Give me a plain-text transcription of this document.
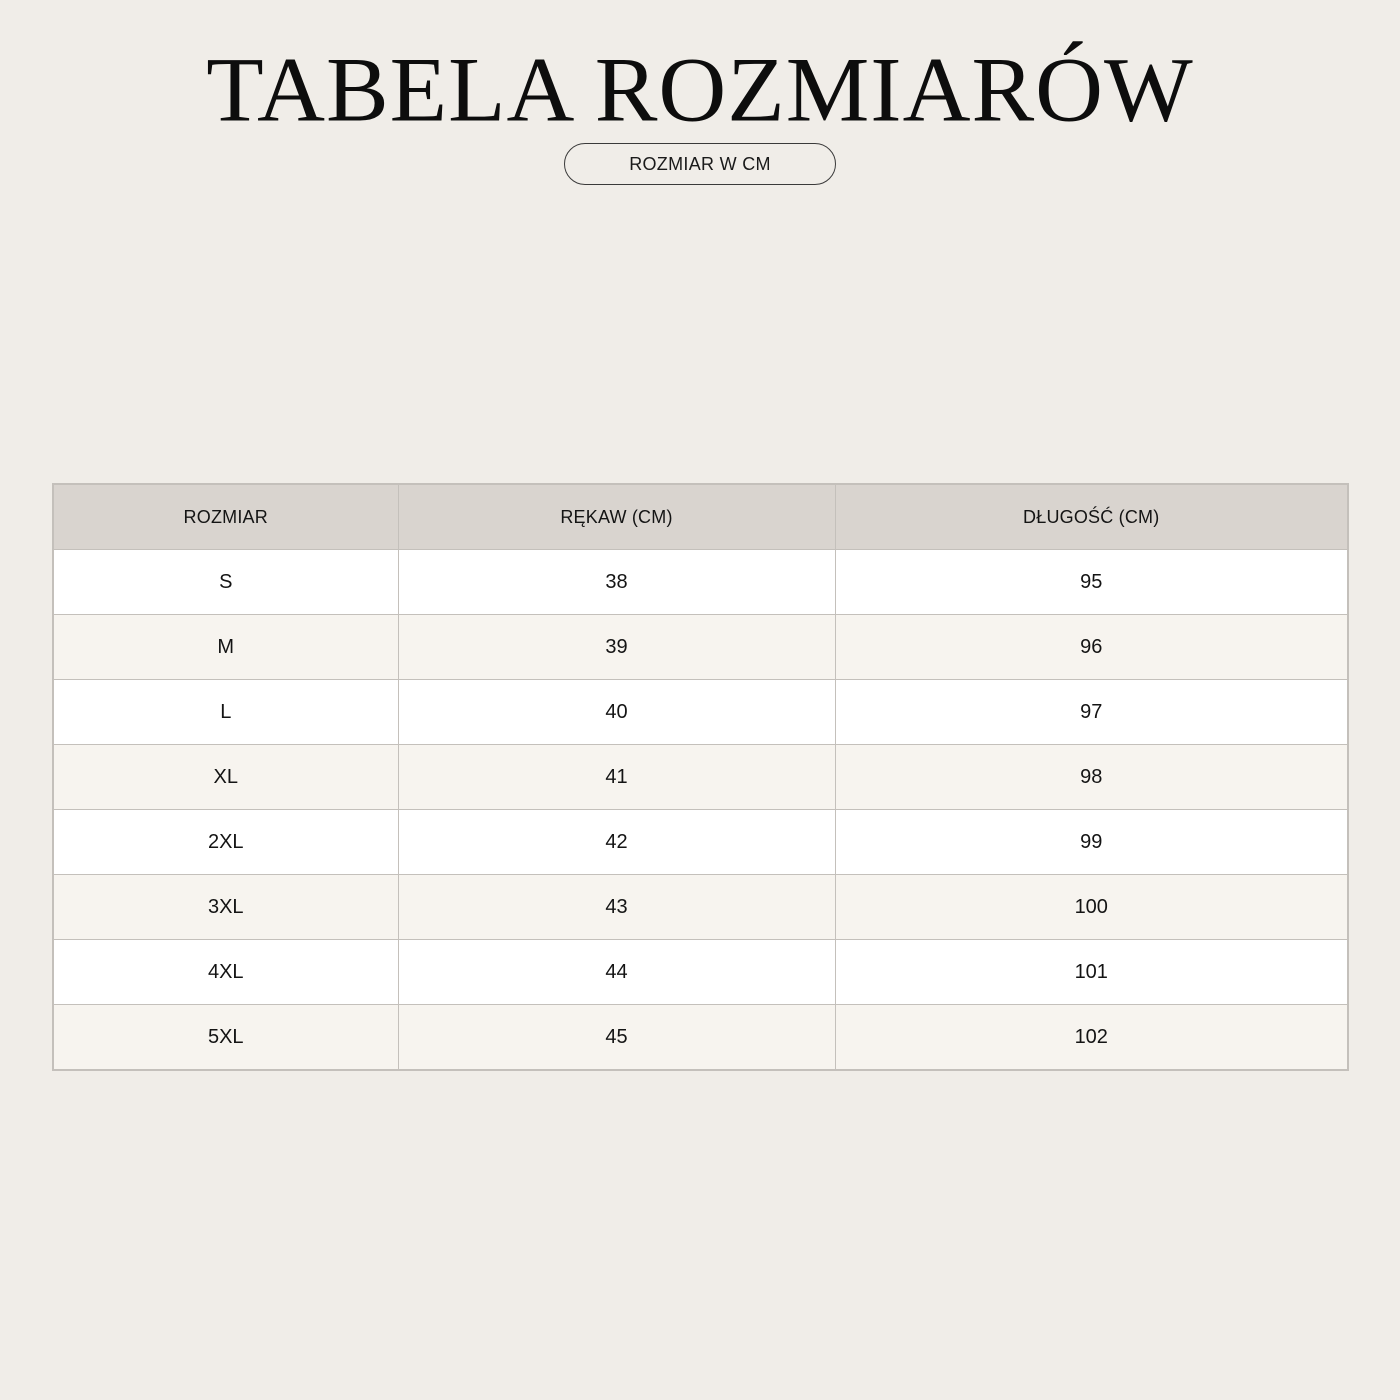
TABELA ROZMIARÓW
ROZMIAR W CM
ROZMIAR	RĘKAW (CM)	DŁUGOŚĆ (CM)
S	38	95
M	39	96
L	40	97
XL	41	98
2XL	42	99
3XL	43	100
4XL	44	101
5XL	45	102
